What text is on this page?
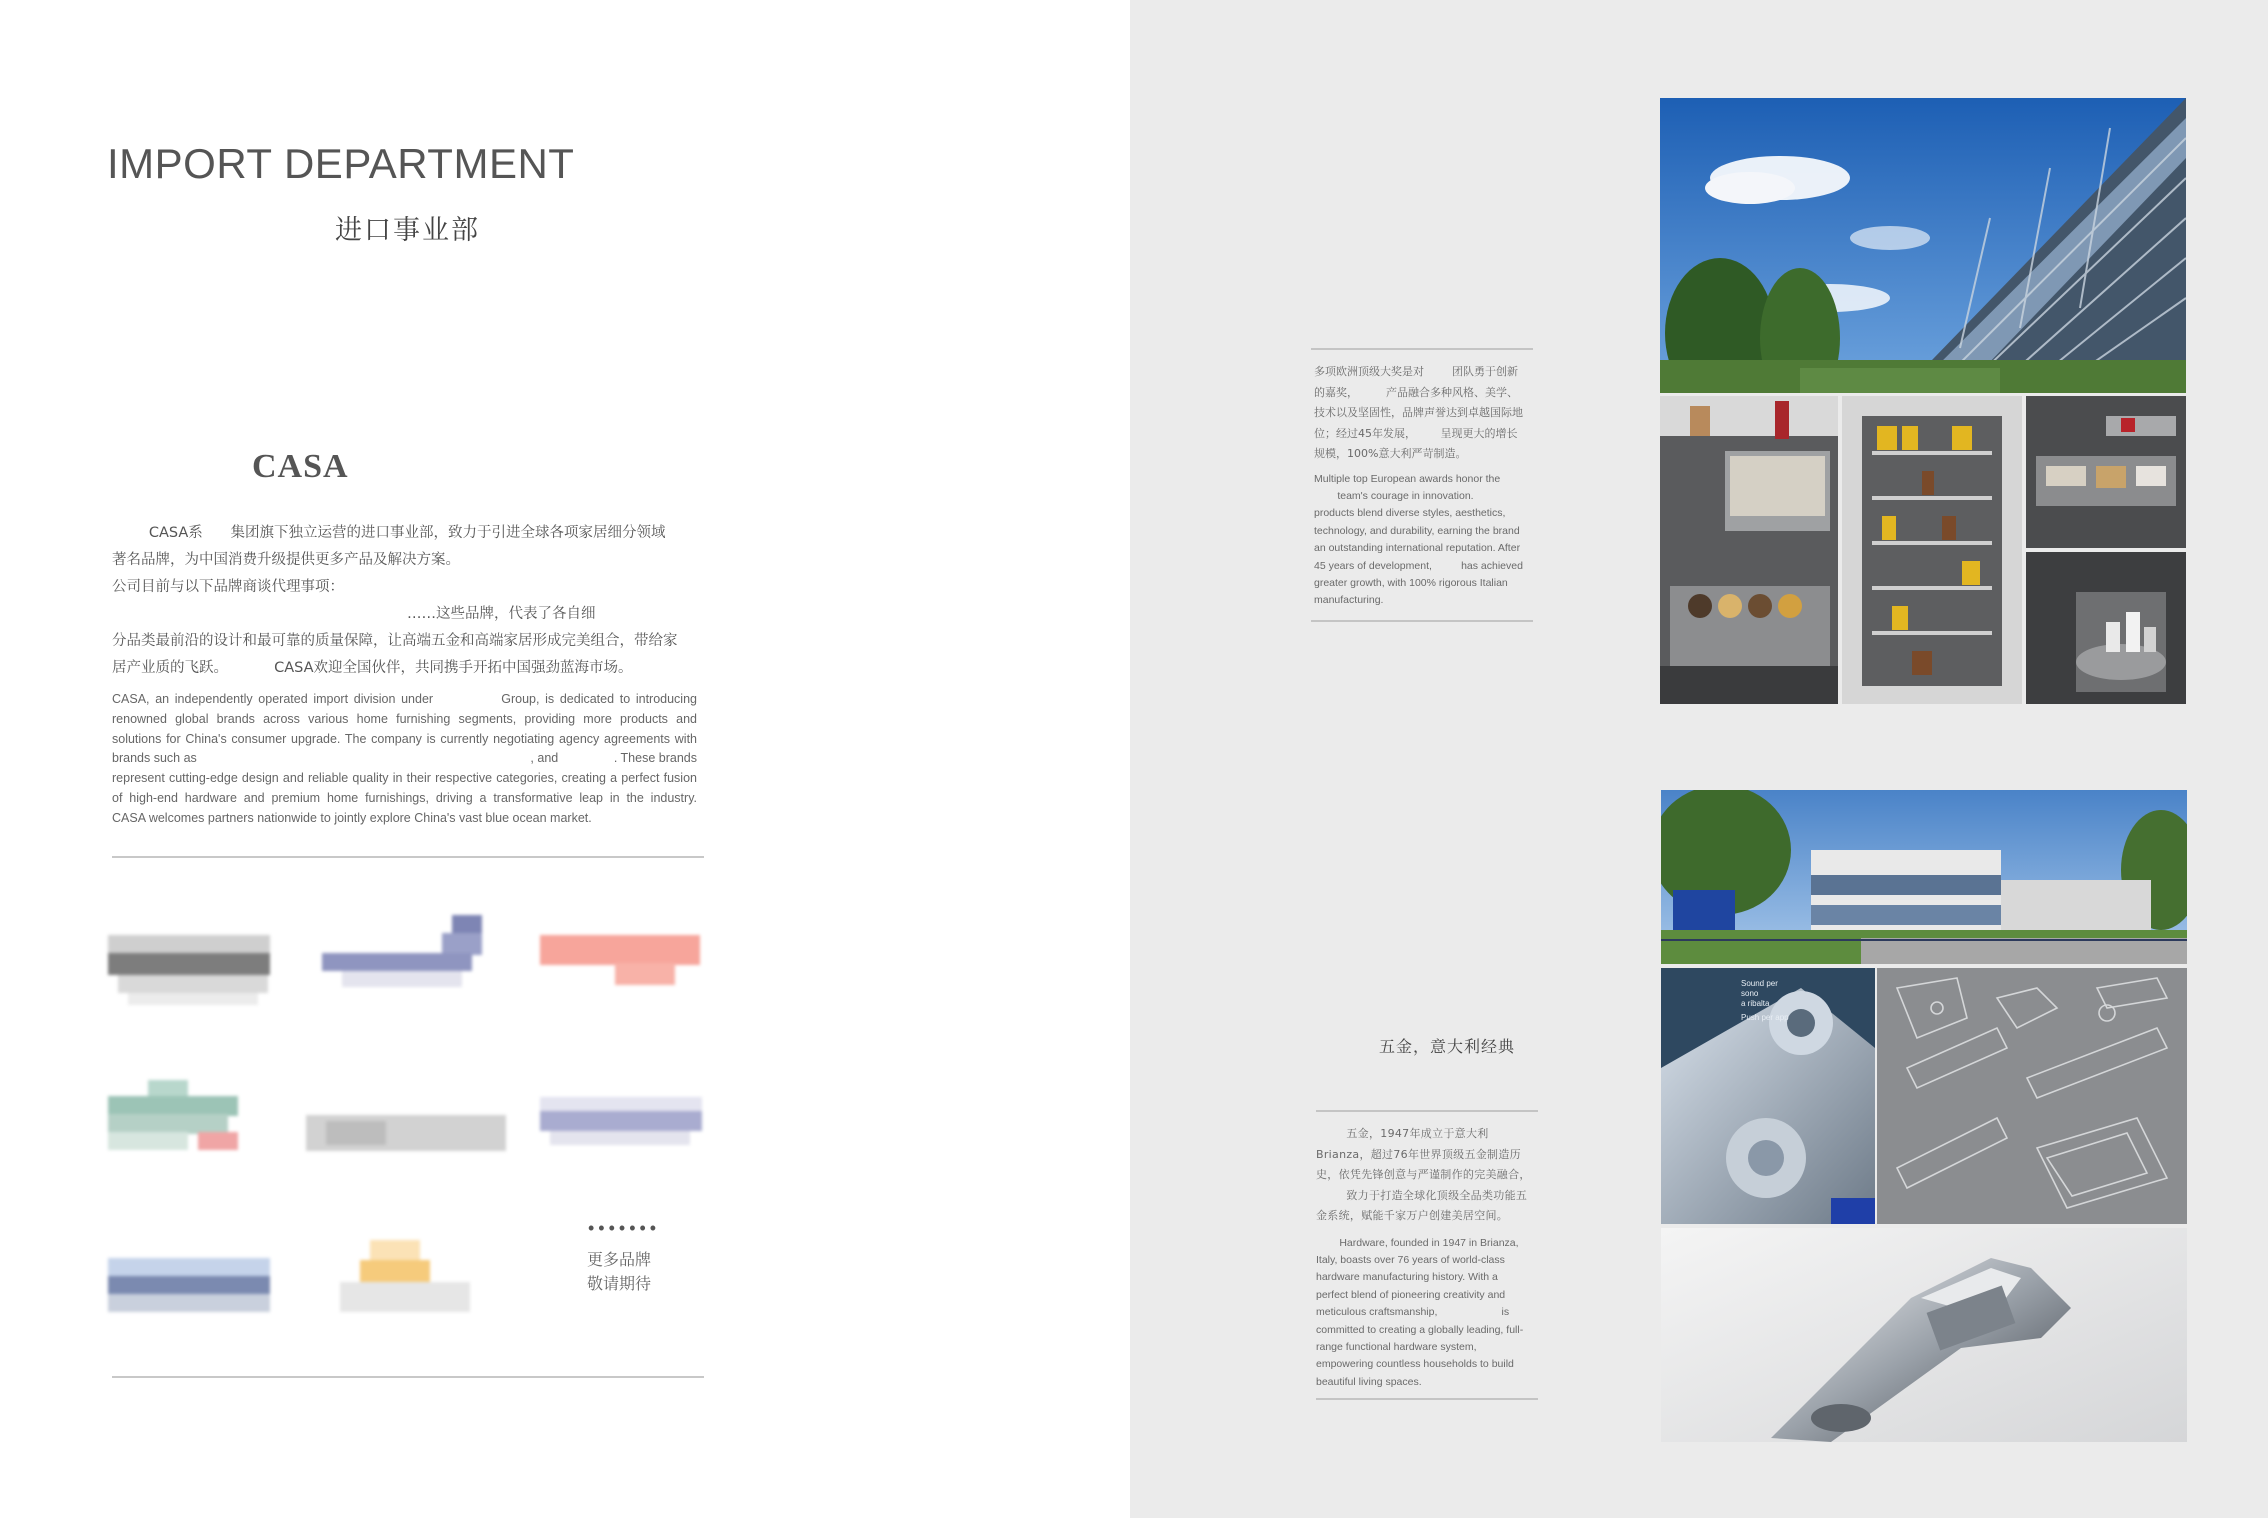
IMPORT DEPARTMENT
进口事业部
CASA
CASA系      集团旗下独立运营的进口事业部，致力于引进全球各项家居细分领域
著名品牌，为中国消费升级提供更多产品及解决方案。
公司目前与以下品牌商谈代理事项：
……这些品牌，代表了各自细
分品类最前沿的设计和最可靠的质量保障，让高端五金和高端家居形成完美组合，带给家
居产业质的飞跃。          CASA欢迎全国伙伴，共同携手开拓中国强劲蓝海市场。
CASA, an independently operated import division under            Group, is dedicated to introducing renowned global brands across various home furnishing segments, providing more products and solutions for China's consumer upgrade. The company is currently negotiating agency agreements with brands such as                                                                                                , and                . These brands represent cutting-edge design and reliable quality in their respective categories, creating a perfect fusion of high-end hardware and premium home furnishings, driving a transformative leap in the industry.          CASA welcomes partners nationwide to jointly explore China's vast blue ocean market.
•••••••
更多品牌
敬请期待
多项欧洲顶级大奖是对        团队勇于创新
的嘉奖，        产品融合多种风格、美学、
技术以及坚固性，品牌声誉达到卓越国际地
位；经过45年发展，       呈现更大的增长
规模，100%意大利严苛制造。
Multiple top European awards honor the
team's courage in innovation.
products blend diverse styles, aesthetics,
technology, and durability, earning the brand
an outstanding international reputation. After
45 years of development,          has achieved
greater growth, with 100% rigorous Italian
manufacturing.
五金，意大利经典
五金，1947年成立于意大利
Brianza，超过76年世界顶级五金制造历
史，依凭先锋创意与严谨制作的完美融合，
致力于打造全球化顶级全品类功能五
金系统，赋能千家万户创建美居空间。
Hardware, founded in 1947 in Brianza,
Italy, boasts over 76 years of world-class
hardware manufacturing history. With a
perfect blend of pioneering creativity and
meticulous craftsmanship,                      is
committed to creating a globally leading, full-
range functional hardware system,
empowering countless households to build
beautiful living spaces.
Sound per
sono
a ribalta
Push per app
